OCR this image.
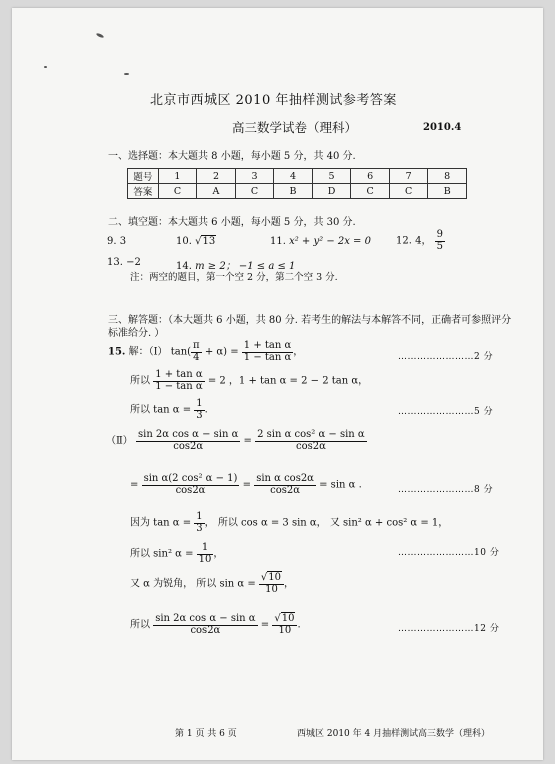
北京市西城区 2010 年抽样测试参考答案
高三数学试卷（理科）	2010.4
一、选择题：本大题共 8 小题，每小题 5 分，共 40 分.
题号	1	2	3	4	5	6	7	8
答案	C	A	C	B	D	C	C	B
二、填空题：本大题共 6 小题，每小题 5 分，共 30 分.
9. 3	10. √13	11. x² + y² − 2x = 0	12. 4， $\frac{9}{5}$
13. −2	14. m ≥ 2； −1 ≤ a ≤ 1
注：两空的题目，第一个空 2 分，第二个空 3 分.
三、解答题：（本大题共 6 小题，共 80 分. 若考生的解法与本解答不同，正确者可参照评分
标准给分. ）
15. 解：（Ⅰ） $\tan( \frac{\pi}{4} + \alpha) = \frac{\text{1 + tan α}}{\text{1 − tan α}}$ ，	……………………2 分
所以 $\frac{\text{1 + tan α}}{\text{1 − tan α}} = 2$ ，1 + tan α = 2 − 2 tan α，
所以 $\tan \alpha = \frac{1}{3}$ .	……………………5 分
（Ⅱ） $\frac{\text{sin 2α cos α − sin α}}{\cos 2\alpha} = \frac{\text{2 sin α cos² α − sin α}}{\cos 2\alpha}$
= $\frac{\text{sin α(2 cos² α − 1)}}{\cos 2\alpha} = \frac{\text{sin α cos2α}}{\cos 2\alpha} = \sin \alpha$ .	……………………8 分
因为 $\tan \alpha = \frac{1}{3}$ ， 所以 cos α = 3 sin α， 又 sin² α + cos² α = 1，
所以 sin² $\alpha = \frac{1}{10}$ ，	……………………10 分
又 α 为锐角， 所以 $\sin \alpha = \frac{√10}{10}$ ，
所以 $\frac{\text{sin 2α cos α − sin α}}{\cos 2\alpha} = \frac{√10}{10}$ .	……………………12 分
第 1 页 共 6 页	西城区 2010 年 4 月抽样测试 高三数学（理科）
